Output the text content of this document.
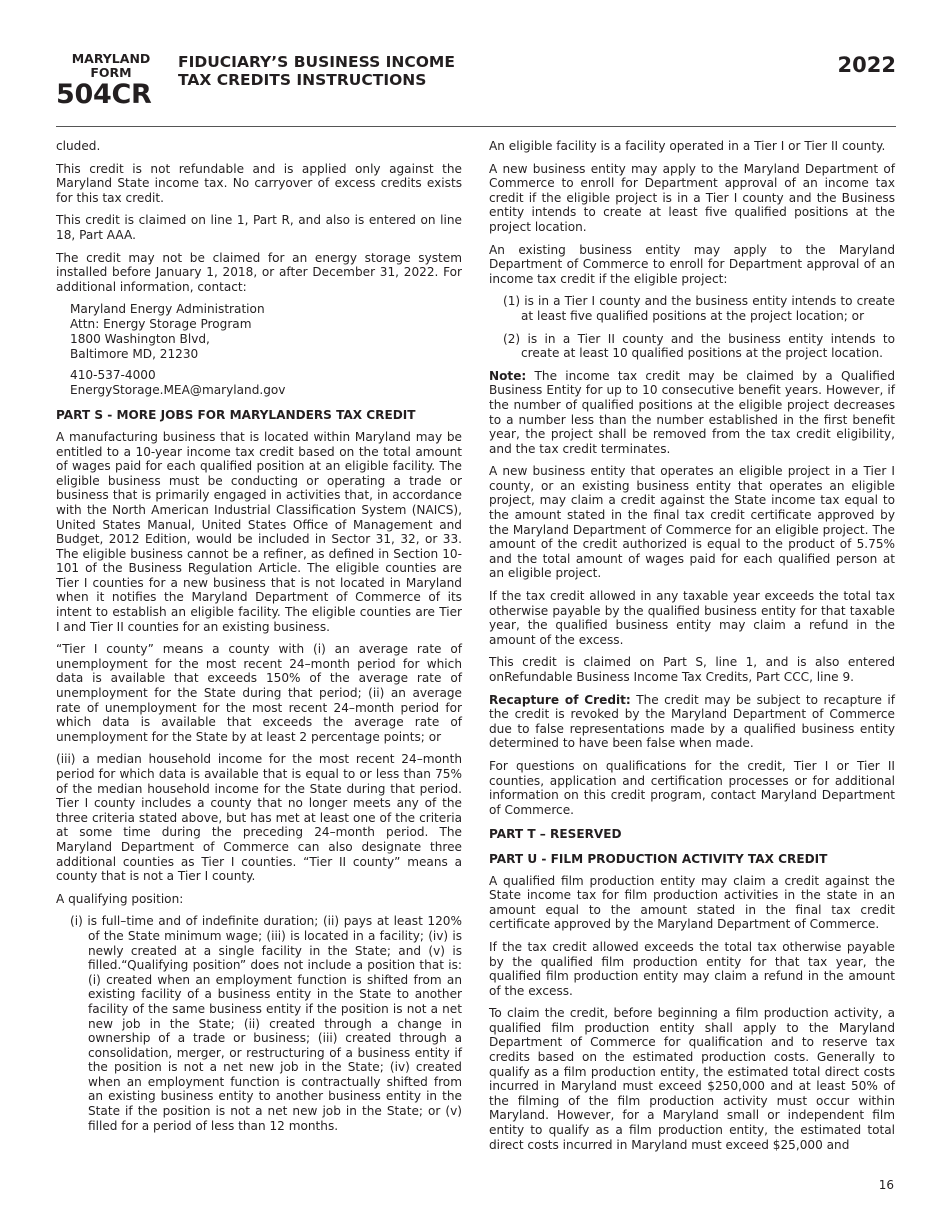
MARYLAND
FORM
504CR
FIDUCIARY’S BUSINESS INCOME
TAX CREDITS INSTRUCTIONS
2022

cluded.

This credit is not refundable and is applied only against the Maryland State income tax. No carryover of excess credits exists for this tax credit.

This credit is claimed on line 1, Part R, and also is entered on line 18, Part AAA.

The credit may not be claimed for an energy storage system installed before January 1, 2018, or after December 31, 2022. For additional information, contact:

Maryland Energy Administration
Attn: Energy Storage Program
1800 Washington Blvd,
Baltimore MD, 21230
410-537-4000
EnergyStorage.MEA@maryland.gov
PART S - MORE JOBS FOR MARYLANDERS TAX CREDIT

A manufacturing business that is located within Maryland may be entitled to a 10-year income tax credit based on the total amount of wages paid for each qualified position at an eligible facility. The eligible business must be conducting or operating a trade or business that is primarily engaged in activities that, in accordance with the North American Industrial Classification System (NAICS), United States Manual, United States Office of Management and Budget, 2012 Edition, would be included in Sector 31, 32, or 33. The eligible business cannot be a refiner, as defined in Section 10-101 of the Business Regulation Article. The eligible counties are Tier I counties for a new business that is not located in Maryland when it notifies the Maryland Department of Commerce of its intent to establish an eligible facility. The eligible counties are Tier I and Tier II counties for an existing business.

“Tier I county” means a county with (i) an average rate of unemployment for the most recent 24–month period for which data is available that exceeds 150% of the average rate of unemployment for the State during that period; (ii) an average rate of unemployment for the most recent 24–month period for which data is available that exceeds the average rate of unemployment for the State by at least 2 percentage points; or

(iii) a median household income for the most recent 24–month period for which data is available that is equal to or less than 75% of the median household income for the State during that period. Tier I county includes a county that no longer meets any of the three criteria stated above, but has met at least one of the criteria at some time during the preceding 24–month period. The Maryland Department of Commerce can also designate three additional counties as Tier I counties. “Tier II county” means a county that is not a Tier I county.

A qualifying position:

(i) is full–time and of indefinite duration; (ii) pays at least 120% of the State minimum wage; (iii) is located in a facility; (iv) is newly created at a single facility in the State; and (v) is filled.“Qualifying position” does not include a position that is: (i) created when an employment function is shifted from an existing facility of a business entity in the State to another facility of the same business entity if the position is not a net new job in the State; (ii) created through a change in ownership of a trade or business; (iii) created through a consolidation, merger, or restructuring of a business entity if the position is not a net new job in the State; (iv) created when an employment function is contractually shifted from an existing business entity to another business entity in the State if the position is not a net new job in the State; or (v) filled for a period of less than 12 months.

An eligible facility is a facility operated in a Tier I or Tier II county.

A new business entity may apply to the Maryland Department of Commerce to enroll for Department approval of an income tax credit if the eligible project is in a Tier I county and the Business entity intends to create at least five qualified positions at the project location.

An existing business entity may apply to the Maryland Department of Commerce to enroll for Department approval of an income tax credit if the eligible project:

(1) is in a Tier I county and the business entity intends to create at least five qualified positions at the project location; or
(2) is in a Tier II county and the business entity intends to create at least 10 qualified positions at the project location.

Note: The income tax credit may be claimed by a Qualified Business Entity for up to 10 consecutive benefit years. However, if the number of qualified positions at the eligible project decreases to a number less than the number established in the first benefit year, the project shall be removed from the tax credit eligibility, and the tax credit terminates.

A new business entity that operates an eligible project in a Tier I county, or an existing business entity that operates an eligible project, may claim a credit against the State income tax equal to the amount stated in the final tax credit certificate approved by the Maryland Department of Commerce for an eligible project. The amount of the credit authorized is equal to the product of 5.75% and the total amount of wages paid for each qualified person at an eligible project.

If the tax credit allowed in any taxable year exceeds the total tax otherwise payable by the qualified business entity for that taxable year, the qualified business entity may claim a refund in the amount of the excess.

This credit is claimed on Part S, line 1, and is also entered onRefundable Business Income Tax Credits, Part CCC, line 9.

Recapture of Credit: The credit may be subject to recapture if the credit is revoked by the Maryland Department of Commerce due to false representations made by a qualified business entity determined to have been false when made.

For questions on qualifications for the credit, Tier I or Tier II counties, application and certification processes or for additional information on this credit program, contact Maryland Department of Commerce.

PART T – RESERVED
PART U - FILM PRODUCTION ACTIVITY TAX CREDIT

A qualified film production entity may claim a credit against the State income tax for film production activities in the state in an amount equal to the amount stated in the final tax credit certificate approved by the Maryland Department of Commerce.

If the tax credit allowed exceeds the total tax otherwise payable by the qualified film production entity for that tax year, the qualified film production entity may claim a refund in the amount of the excess.

To claim the credit, before beginning a film production activity, a qualified film production entity shall apply to the Maryland Department of Commerce for qualification and to reserve tax credits based on the estimated production costs. Generally to qualify as a film production entity, the estimated total direct costs incurred in Maryland must exceed $250,000 and at least 50% of the filming of the film production activity must occur within Maryland. However, for a Maryland small or independent film entity to qualify as a film production entity, the estimated total direct costs incurred in Maryland must exceed $25,000 and

16
